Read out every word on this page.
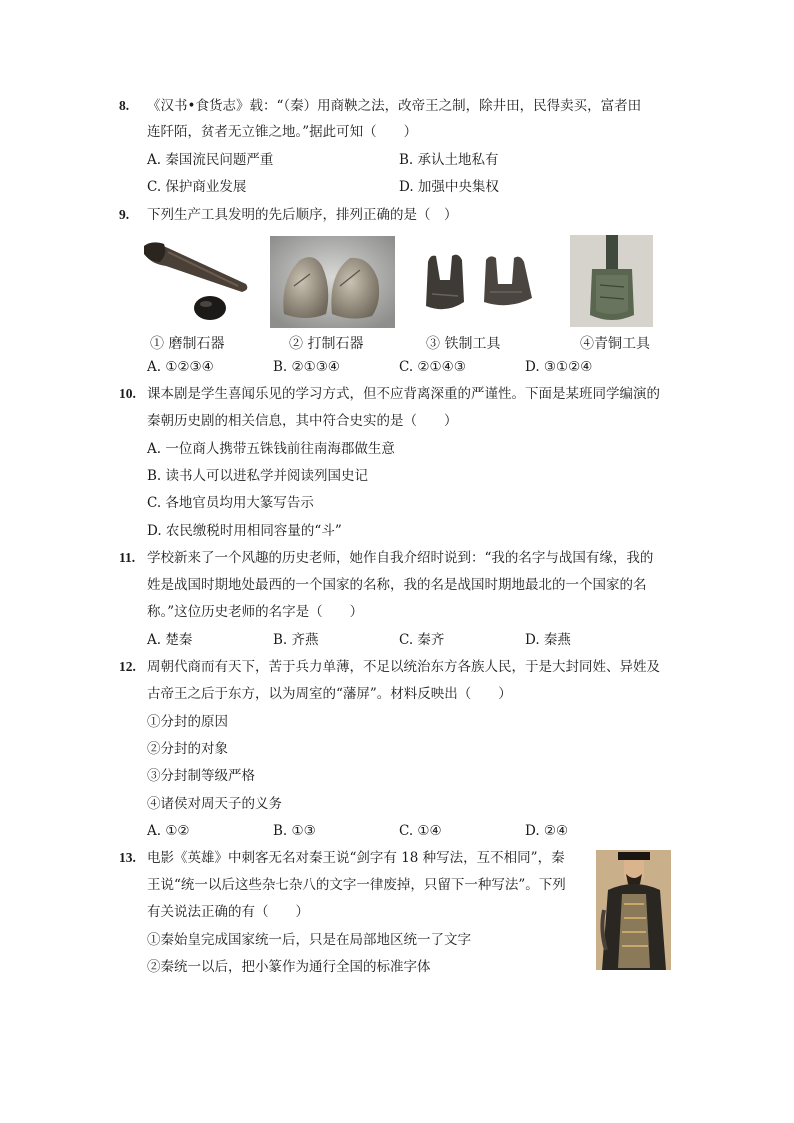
8. 《汉书•食货志》载：“（秦）用商鞅之法，改帝王之制，除井田，民得卖买，富者田
连阡陌，贫者无立锥之地。”据此可知（　　）
A. 秦国流民问题严重	B. 承认土地私有
C. 保护商业发展	D. 加强中央集权
9. 下列生产工具发明的先后顺序，排列正确的是（　）
① 磨制石器	② 打制石器	③ 铁制工具	④青铜工具
A. ①②③④	B. ②①③④	C. ②①④③	D. ③①②④
10. 课本剧是学生喜闻乐见的学习方式，但不应背离深重的严谨性。下面是某班同学编演的
秦朝历史剧的相关信息，其中符合史实的是（　　）
A. 一位商人携带五铢钱前往南海郡做生意
B. 读书人可以进私学并阅读列国史记
C. 各地官员均用大篆写告示
D. 农民缴税时用相同容量的“斗”
11. 学校新来了一个风趣的历史老师，她作自我介绍时说到：“我的名字与战国有缘，我的
姓是战国时期地处最西的一个国家的名称，我的名是战国时期地最北的一个国家的名
称。”这位历史老师的名字是（　　）
A. 楚秦	B. 齐燕	C. 秦齐	D. 秦燕
12. 周朝代商而有天下，苦于兵力单薄，不足以统治东方各族人民，于是大封同姓、异姓及
古帝王之后于东方，以为周室的“藩屏”。材料反映出（　　）
①分封的原因
②分封的对象
③分封制等级严格
④诸侯对周天子的义务
A. ①②	B. ①③	C. ①④	D. ②④
13. 电影《英雄》中刺客无名对秦王说“剑字有 18 种写法，互不相同”，秦
王说“统一以后这些杂七杂八的文字一律废掉，只留下一种写法”。下列
有关说法正确的有（　　）
①秦始皇完成国家统一后，只是在局部地区统一了文字
②秦统一以后，把小篆作为通行全国的标准字体
